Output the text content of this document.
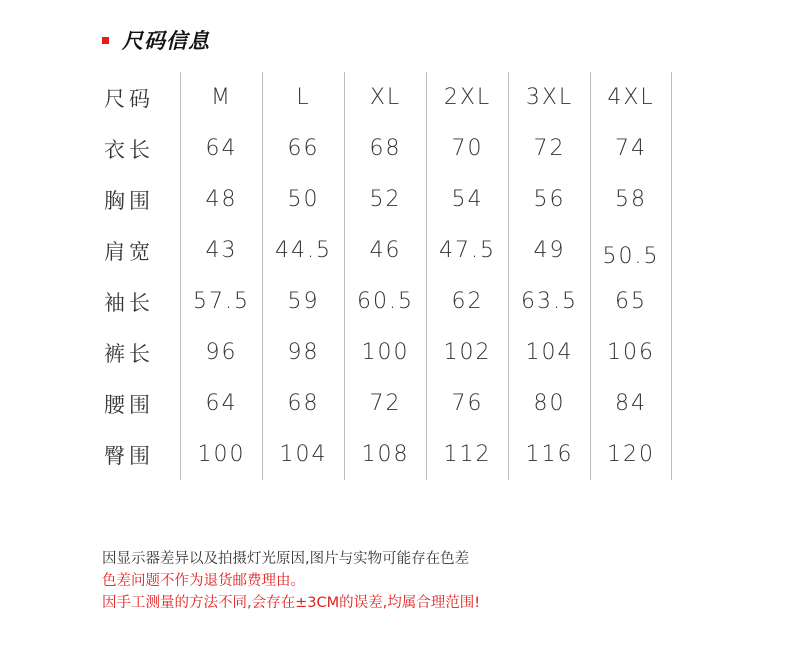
尺码信息
尺码	M	L	XL	2XL	3XL	4XL
衣长	64	66	68	70	72	74
胸围	48	50	52	54	56	58
肩宽	43	44.5	46	47.5	49	50.5
袖长	57.5	59	60.5	62	63.5	65
裤长	96	98	100	102	104	106
腰围	64	68	72	76	80	84
臀围	100	104	108	112	116	120
因显示器差异以及拍摄灯光原因,图片与实物可能存在色差
色差问题不作为退货邮费理由。
因手工测量的方法不同,会存在±3CM的误差,均属合理范围!
